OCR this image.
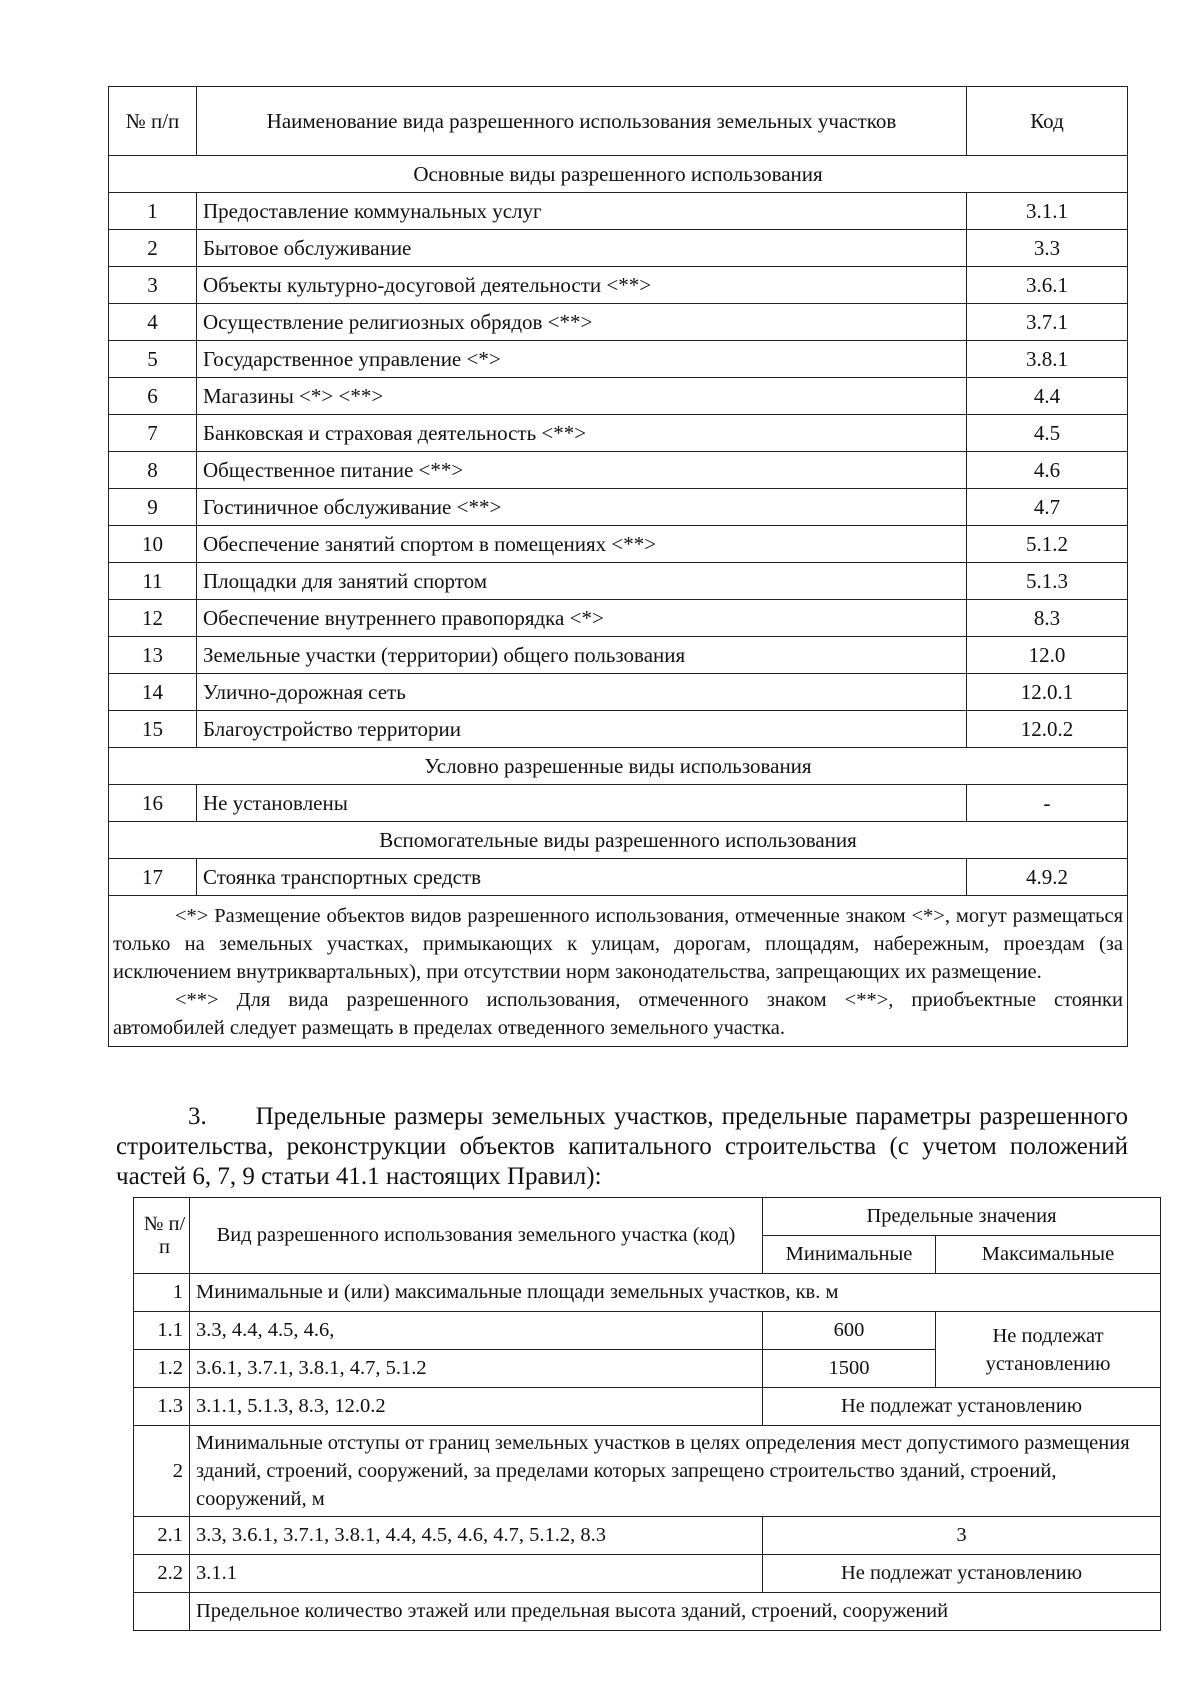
№ п/п	Наименование вида разрешенного использования земельных участков	Код
Основные виды разрешенного использования		
1	Предоставление коммунальных услуг	3.1.1
2	Бытовое обслуживание	3.3
3	Объекты культурно-досуговой деятельности <**>	3.6.1
4	Осуществление религиозных обрядов <**>	3.7.1
5	Государственное управление <*>	3.8.1
6	Магазины <*> <**>	4.4
7	Банковская и страховая деятельность <**>	4.5
8	Общественное питание <**>	4.6
9	Гостиничное обслуживание <**>	4.7
10	Обеспечение занятий спортом в помещениях <**>	5.1.2
11	Площадки для занятий спортом	5.1.3
12	Обеспечение внутреннего правопорядка <*>	8.3
13	Земельные участки (территории) общего пользования	12.0
14	Улично-дорожная сеть	12.0.1
15	Благоустройство территории	12.0.2
Условно разрешенные виды использования		
16	Не установлены	-
Вспомогательные виды разрешенного использования		
17	Стоянка транспортных средств	4.9.2

<*> Размещение объектов видов разрешенного использования, отмеченные знаком <*>, могут размещаться только на земельных участках, примыкающих к улицам, дорогам, площадям, набережным, проездам (за исключением внутриквартальных), при отсутствии норм законодательства, запрещающих их размещение.
<**> Для вида разрешенного использования, отмеченного знаком <**>, приобъектные стоянки автомобилей следует размещать в пределах отведенного земельного участка.		

3. Предельные размеры земельных участков, предельные параметры разрешенного строительства, реконструкции объектов капитального строительства (с учетом положений частей 6, 7, 9 статьи 41.1 настоящих Правил):

№ п/п	Вид разрешенного использования земельного участка (код)	Предельные значения	
		Минимальные	Максимальные
1	Минимальные и (или) максимальные площади земельных участков, кв. м		
1.1	3.3, 4.4, 4.5, 4.6,	600	Не подлежат установлению
1.2	3.6.1, 3.7.1, 3.8.1, 4.7, 5.1.2	1500	
1.3	3.1.1, 5.1.3, 8.3, 12.0.2	Не подлежат установлению	
2	Минимальные отступы от границ земельных участков в целях определения мест допустимого размещения зданий, строений, сооружений, за пределами которых запрещено строительство зданий, строений, сооружений, м		
2.1	3.3, 3.6.1, 3.7.1, 3.8.1, 4.4, 4.5, 4.6, 4.7, 5.1.2, 8.3	3	
2.2	3.1.1	Не подлежат установлению	
	Предельное количество этажей или предельная высота зданий, строений, сооружений		
